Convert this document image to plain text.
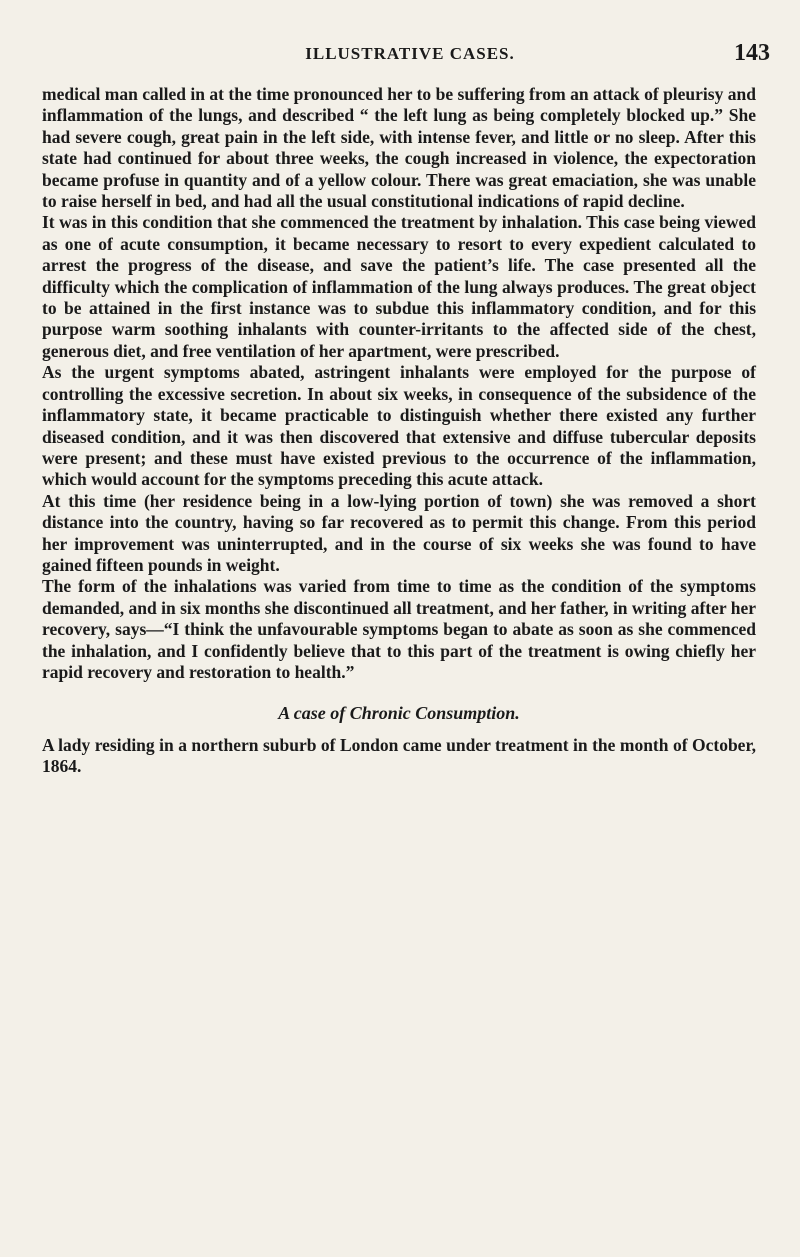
ILLUSTRATIVE CASES.	143

medical man called in at the time pronounced her to be suffering from an attack of pleurisy and inflammation of the lungs, and described “ the left lung as being completely blocked up.” She had severe cough, great pain in the left side, with intense fever, and little or no sleep. After this state had continued for about three weeks, the cough increased in violence, the expectoration became profuse in quantity and of a yellow colour. There was great emaciation, she was unable to raise herself in bed, and had all the usual constitutional indications of rapid decline.

It was in this condition that she commenced the treatment by inhalation. This case being viewed as one of acute consumption, it became necessary to resort to every expedient calculated to arrest the progress of the disease, and save the patient’s life. The case presented all the difficulty which the complication of inflammation of the lung always produces. The great object to be attained in the first instance was to subdue this inflammatory condition, and for this purpose warm soothing inhalants with counter-irritants to the affected side of the chest, generous diet, and free ventilation of her apartment, were prescribed.

As the urgent symptoms abated, astringent inhalants were employed for the purpose of controlling the excessive secretion. In about six weeks, in consequence of the subsidence of the inflammatory state, it became practicable to distinguish whether there existed any further diseased condition, and it was then discovered that extensive and diffuse tubercular deposits were present; and these must have existed previous to the occurrence of the inflammation, which would account for the symptoms preceding this acute attack.

At this time (her residence being in a low-lying portion of town) she was removed a short distance into the country, having so far recovered as to permit this change. From this period her improvement was uninterrupted, and in the course of six weeks she was found to have gained fifteen pounds in weight.

The form of the inhalations was varied from time to time as the condition of the symptoms demanded, and in six months she discontinued all treatment, and her father, in writing after her recovery, says—“I think the unfavourable symptoms began to abate as soon as she commenced the inhalation, and I confidently believe that to this part of the treatment is owing chiefly her rapid recovery and restoration to health.”

A case of Chronic Consumption.

A lady residing in a northern suburb of London came under treatment in the month of October, 1864.
